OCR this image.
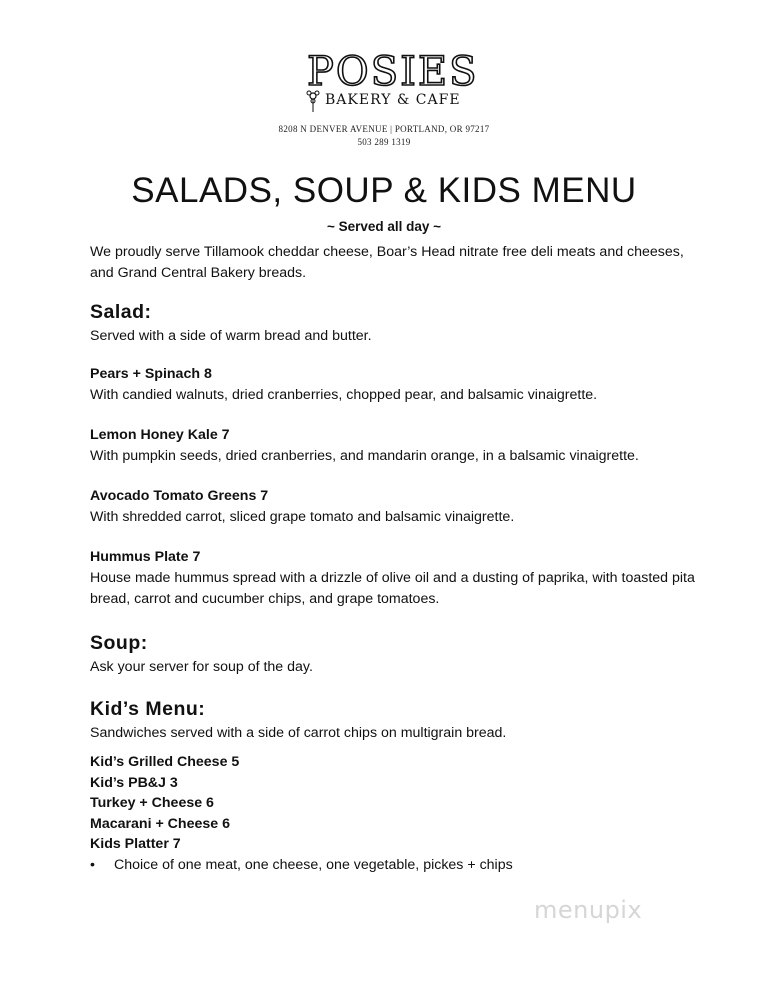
POSIES
BAKERY & CAFE
8208 N DENVER AVENUE | PORTLAND, OR 97217
503 289 1319
SALADS, SOUP & KIDS MENU
~ Served all day ~

We proudly serve Tillamook cheddar cheese, Boar’s Head nitrate free deli meats and cheeses, and Grand Central Bakery breads.

Salad:

Served with a side of warm bread and butter.

Pears + Spinach 8
With candied walnuts, dried cranberries, chopped pear, and balsamic vinaigrette.
Lemon Honey Kale 7
With pumpkin seeds, dried cranberries, and mandarin orange, in a balsamic vinaigrette.
Avocado Tomato Greens 7
With shredded carrot, sliced grape tomato and balsamic vinaigrette.
Hummus Plate 7
House made hummus spread with a drizzle of olive oil and a dusting of paprika, with toasted pita bread, carrot and cucumber chips, and grape tomatoes.
Soup:

Ask your server for soup of the day.

Kid’s Menu:

Sandwiches served with a side of carrot chips on multigrain bread.

Kid’s Grilled Cheese 5
Kid’s PB&J 3
Turkey + Cheese 6
Macarani + Cheese 6
Kids Platter 7
•	Choice of one meat, one cheese, one vegetable, pickes + chips
menupix
